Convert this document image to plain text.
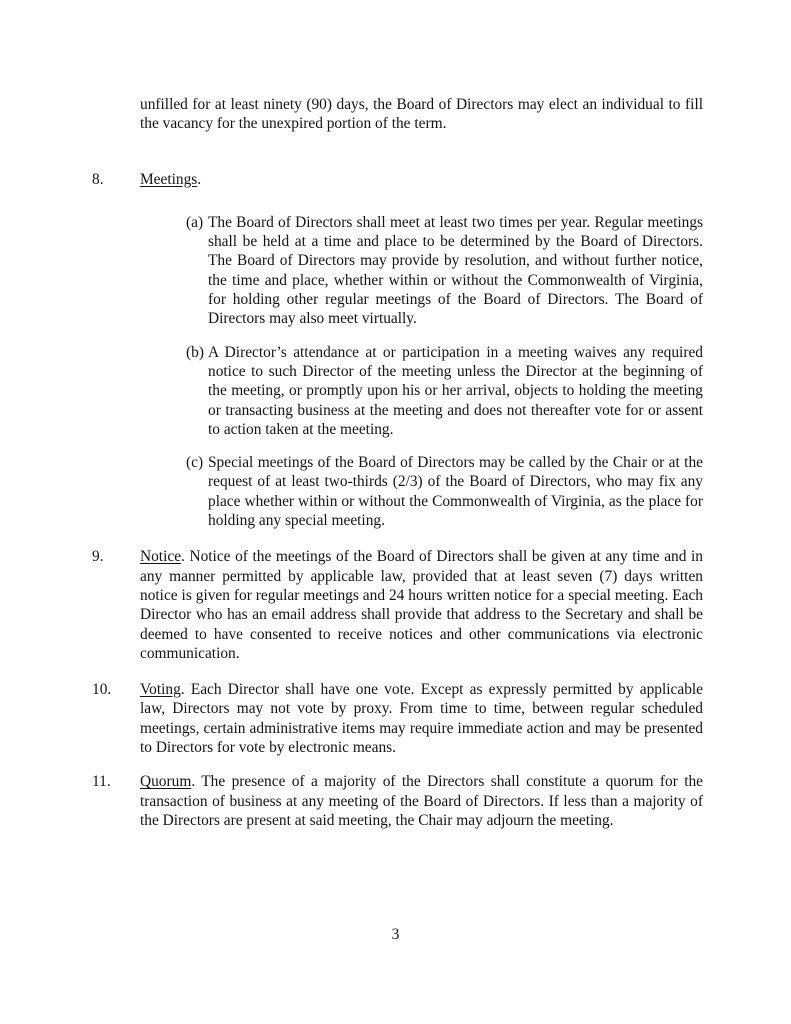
unfilled for at least ninety (90) days, the Board of Directors may elect an individual to fill the vacancy for the unexpired portion of the term.
8.	Meetings.
(a) The Board of Directors shall meet at least two times per year. Regular meetings shall be held at a time and place to be determined by the Board of Directors. The Board of Directors may provide by resolution, and without further notice, the time and place, whether within or without the Commonwealth of Virginia, for holding other regular meetings of the Board of Directors. The Board of Directors may also meet virtually.
(b) A Director’s attendance at or participation in a meeting waives any required notice to such Director of the meeting unless the Director at the beginning of the meeting, or promptly upon his or her arrival, objects to holding the meeting or transacting business at the meeting and does not thereafter vote for or assent to action taken at the meeting.
(c) Special meetings of the Board of Directors may be called by the Chair or at the request of at least two-thirds (2/3) of the Board of Directors, who may fix any place whether within or without the Commonwealth of Virginia, as the place for holding any special meeting.
9.	Notice. Notice of the meetings of the Board of Directors shall be given at any time and in any manner permitted by applicable law, provided that at least seven (7) days written notice is given for regular meetings and 24 hours written notice for a special meeting. Each Director who has an email address shall provide that address to the Secretary and shall be deemed to have consented to receive notices and other communications via electronic communication.
10.	Voting. Each Director shall have one vote. Except as expressly permitted by applicable law, Directors may not vote by proxy. From time to time, between regular scheduled meetings, certain administrative items may require immediate action and may be presented to Directors for vote by electronic means.
11.	Quorum. The presence of a majority of the Directors shall constitute a quorum for the transaction of business at any meeting of the Board of Directors. If less than a majority of the Directors are present at said meeting, the Chair may adjourn the meeting.
3
